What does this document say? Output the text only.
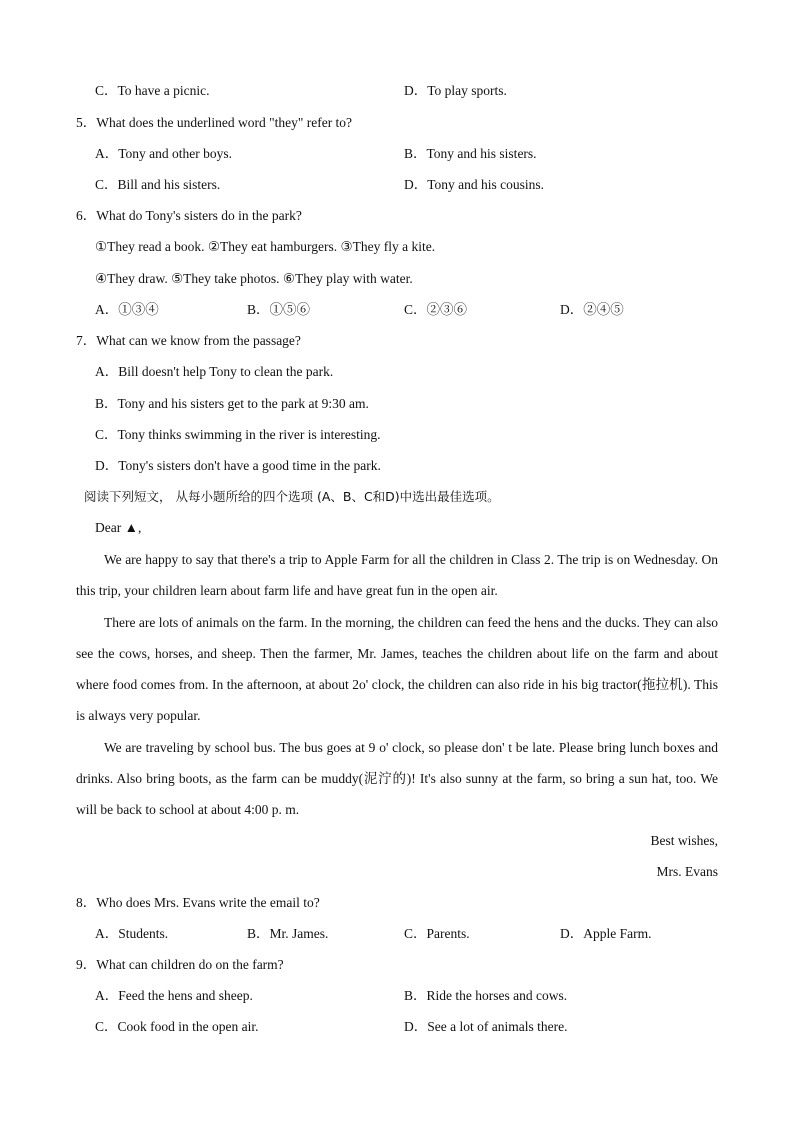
C．To have a picnic.	D．To play sports.
5．What does the underlined word "they" refer to?
A．Tony and other boys.	B．Tony and his sisters.
C．Bill and his sisters.	D．Tony and his cousins.
6．What do Tony's sisters do in the park?
①They read a book. ②They eat hamburgers. ③They fly a kite.
④They draw. ⑤They take photos. ⑥They play with water.
A．①③④	B．①⑤⑥	C．②③⑥	D．②④⑤
7．What can we know from the passage?
A．Bill doesn't help Tony to clean the park.
B．Tony and his sisters get to the park at 9:30 am.
C．Tony thinks swimming in the river is interesting.
D．Tony's sisters don't have a good time in the park.
阅读下列短文， 从每小题所给的四个选项 (A、B、C和D)中选出最佳选项。
Dear ▲,
We are happy to say that there's a trip to Apple Farm for all the children in Class 2. The trip is on Wednesday. On this trip, your children learn about farm life and have great fun in the open air.
There are lots of animals on the farm. In the morning, the children can feed the hens and the ducks. They can also see the cows, horses, and sheep. Then the farmer, Mr. James, teaches the children about life on the farm and about where food comes from. In the afternoon, at about 2o' clock, the children can also ride in his big tractor(拖拉机). This is always very popular.
We are traveling by school bus. The bus goes at 9 o' clock, so please don' t be late. Please bring lunch boxes and drinks. Also bring boots, as the farm can be muddy(泥泞的)! It's also sunny at the farm, so bring a sun hat, too. We will be back to school at about 4:00 p. m.
Best wishes,
Mrs. Evans
8．Who does Mrs. Evans write the email to?
A．Students.	B．Mr. James.	C．Parents.	D．Apple Farm.
9．What can children do on the farm?
A．Feed the hens and sheep.	B．Ride the horses and cows.
C．Cook food in the open air.	D．See a lot of animals there.
